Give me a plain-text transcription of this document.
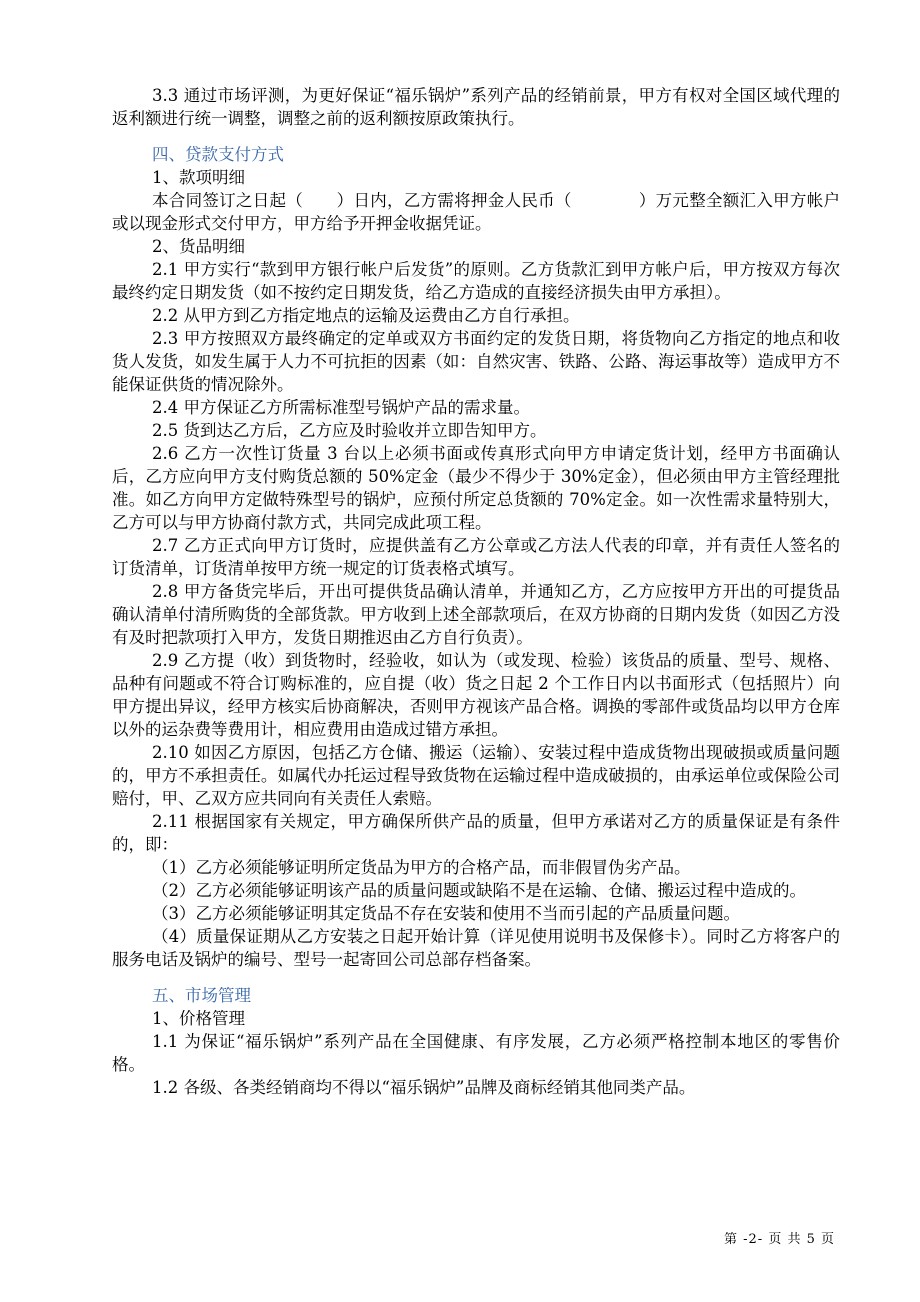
3.3 通过市场评测，为更好保证“福乐锅炉”系列产品的经销前景，甲方有权对全国区域代理的返利额进行统一调整，调整之前的返利额按原政策执行。

四、贷款支付方式

1、款项明细

本合同签订之日起（　　）日内，乙方需将押金人民币（　　　　）万元整全额汇入甲方帐户或以现金形式交付甲方，甲方给予开押金收据凭证。

2、货品明细

2.1 甲方实行“款到甲方银行帐户后发货”的原则。乙方货款汇到甲方帐户后，甲方按双方每次最终约定日期发货（如不按约定日期发货，给乙方造成的直接经济损失由甲方承担）。

2.2 从甲方到乙方指定地点的运输及运费由乙方自行承担。

2.3 甲方按照双方最终确定的定单或双方书面约定的发货日期，将货物向乙方指定的地点和收货人发货，如发生属于人力不可抗拒的因素（如：自然灾害、铁路、公路、海运事故等）造成甲方不能保证供货的情况除外。

2.4 甲方保证乙方所需标准型号锅炉产品的需求量。

2.5 货到达乙方后，乙方应及时验收并立即告知甲方。

2.6 乙方一次性订货量 3 台以上必须书面或传真形式向甲方申请定货计划，经甲方书面确认后，乙方应向甲方支付购货总额的 50%定金（最少不得少于 30%定金），但必须由甲方主管经理批准。如乙方向甲方定做特殊型号的锅炉，应预付所定总货额的 70%定金。如一次性需求量特别大，乙方可以与甲方协商付款方式，共同完成此项工程。

2.7 乙方正式向甲方订货时，应提供盖有乙方公章或乙方法人代表的印章，并有责任人签名的订货清单，订货清单按甲方统一规定的订货表格式填写。

2.8 甲方备货完毕后，开出可提供货品确认清单，并通知乙方，乙方应按甲方开出的可提货品确认清单付清所购货的全部货款。甲方收到上述全部款项后，在双方协商的日期内发货（如因乙方没有及时把款项打入甲方，发货日期推迟由乙方自行负责）。

2.9 乙方提（收）到货物时，经验收，如认为（或发现、检验）该货品的质量、型号、规格、品种有问题或不符合订购标准的，应自提（收）货之日起 2 个工作日内以书面形式（包括照片）向甲方提出异议，经甲方核实后协商解决，否则甲方视该产品合格。调换的零部件或货品均以甲方仓库以外的运杂费等费用计，相应费用由造成过错方承担。

2.10 如因乙方原因，包括乙方仓储、搬运（运输）、安装过程中造成货物出现破损或质量问题的，甲方不承担责任。如属代办托运过程导致货物在运输过程中造成破损的，由承运单位或保险公司赔付，甲、乙双方应共同向有关责任人索赔。

2.11 根据国家有关规定，甲方确保所供产品的质量，但甲方承诺对乙方的质量保证是有条件的，即：

（1）乙方必须能够证明所定货品为甲方的合格产品，而非假冒伪劣产品。

（2）乙方必须能够证明该产品的质量问题或缺陷不是在运输、仓储、搬运过程中造成的。

（3）乙方必须能够证明其定货品不存在安装和使用不当而引起的产品质量问题。

（4）质量保证期从乙方安装之日起开始计算（详见使用说明书及保修卡）。同时乙方将客户的服务电话及锅炉的编号、型号一起寄回公司总部存档备案。

五、市场管理

1、价格管理

1.1 为保证“福乐锅炉”系列产品在全国健康、有序发展，乙方必须严格控制本地区的零售价格。

1.2 各级、各类经销商均不得以“福乐锅炉”品牌及商标经销其他同类产品。

第 -2- 页 共 5 页
